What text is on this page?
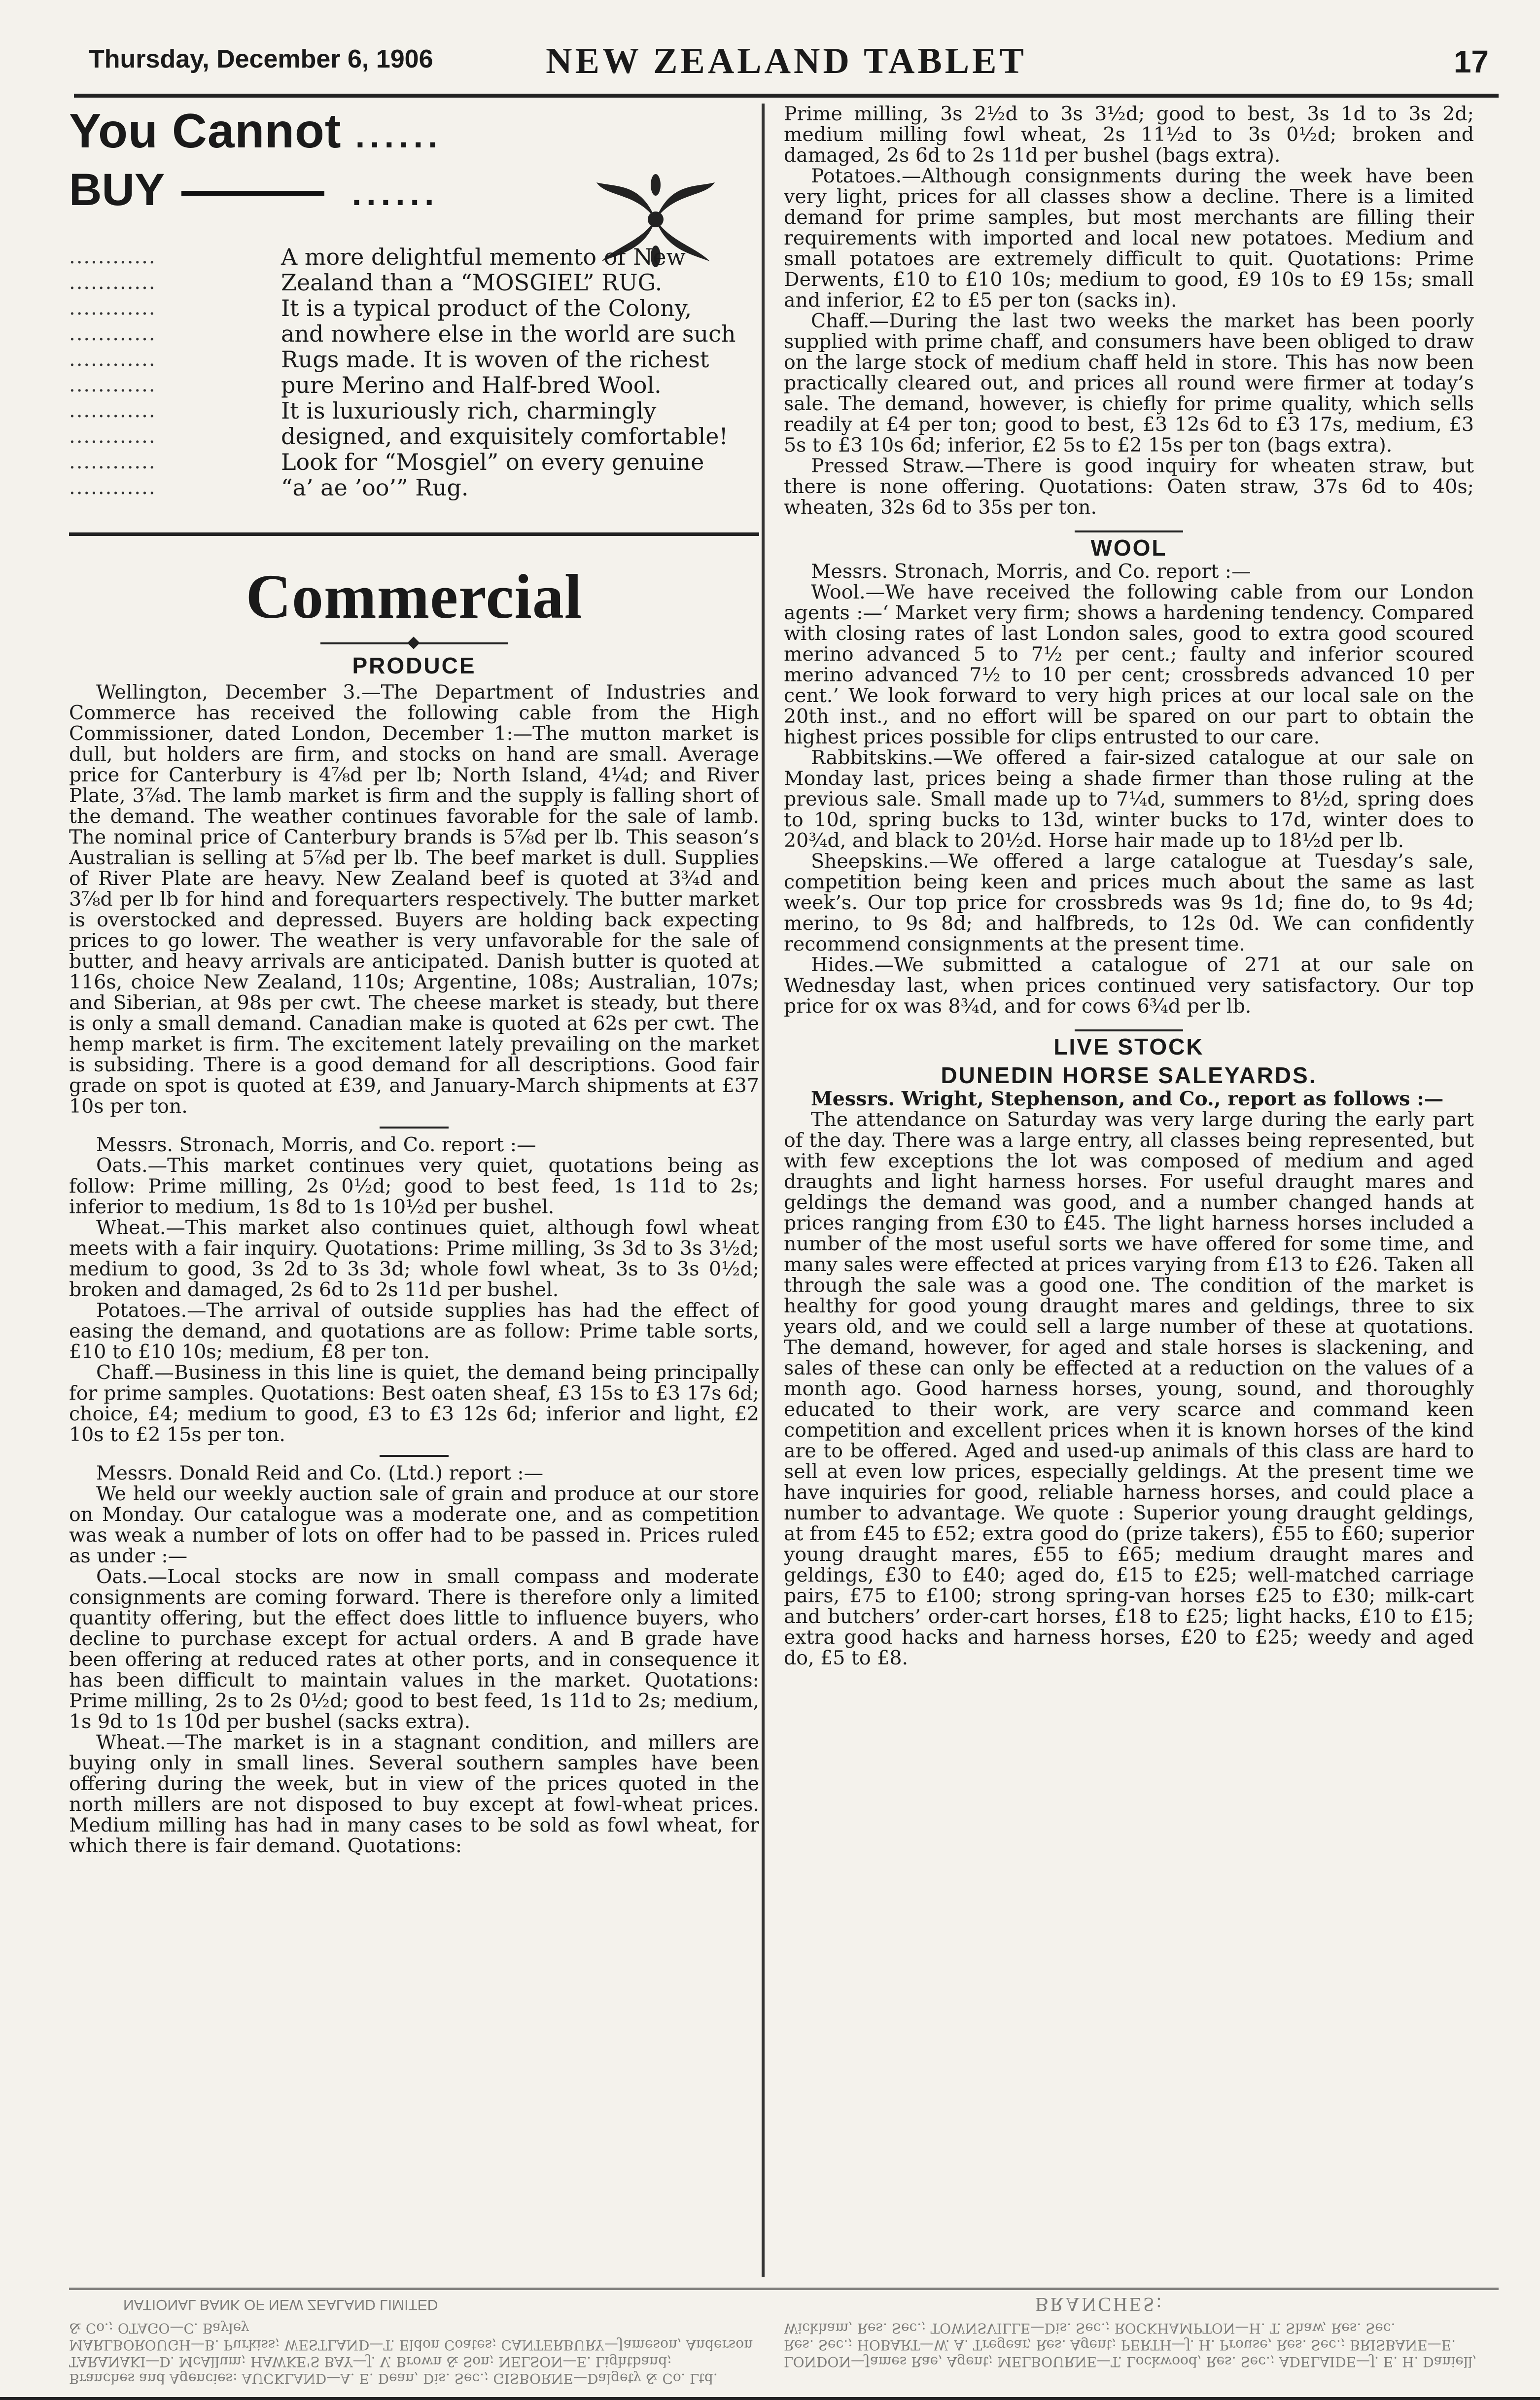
Thursday, December 6, 1906	NEW ZEALAND TABLET	17
You Cannot ......
BUY	......
............	A more delightful memento of New
............	Zealand than a “MOSGIEL” RUG.
............	It is a typical product of the Colony,
............	and nowhere else in the world are such
............	Rugs made. It is woven of the richest
............	pure Merino and Half-bred Wool.
............	It is luxuriously rich, charmingly
............	designed, and exquisitely comfortable!
............	Look for “Mosgiel” on every genuine
............	“a’ ae ’oo’” Rug.
Commercial
PRODUCE

Wellington, December 3.—The Department of Industries and Commerce has received the following cable from the High Commissioner, dated London, December 1:—The mutton market is dull, but holders are firm, and stocks on hand are small. Average price for Canterbury is 4⅞d per lb; North Island, 4¼d; and River Plate, 3⅞d. The lamb market is firm and the supply is falling short of the demand. The weather continues favorable for the sale of lamb. The nominal price of Canterbury brands is 5⅞d per lb. This season’s Australian is selling at 5⅞d per lb. The beef market is dull. Supplies of River Plate are heavy. New Zealand beef is quoted at 3¾d and 3⅞d per lb for hind and forequarters respectively. The butter market is overstocked and depressed. Buyers are holding back expecting prices to go lower. The weather is very unfavorable for the sale of butter, and heavy arrivals are anticipated. Danish butter is quoted at 116s, choice New Zealand, 110s; Argentine, 108s; Australian, 107s; and Siberian, at 98s per cwt. The cheese market is steady, but there is only a small demand. Canadian make is quoted at 62s per cwt. The hemp market is firm. The excitement lately prevailing on the market is subsiding. There is a good demand for all descriptions. Good fair grade on spot is quoted at £39, and January-March shipments at £37 10s per ton.

Messrs. Stronach, Morris, and Co. report :—

Oats.—This market continues very quiet, quotations being as follow: Prime milling, 2s 0½d; good to best feed, 1s 11d to 2s; inferior to medium, 1s 8d to 1s 10½d per bushel.

Wheat.—This market also continues quiet, although fowl wheat meets with a fair inquiry. Quotations: Prime milling, 3s 3d to 3s 3½d; medium to good, 3s 2d to 3s 3d; whole fowl wheat, 3s to 3s 0½d; broken and damaged, 2s 6d to 2s 11d per bushel.

Potatoes.—The arrival of outside supplies has had the effect of easing the demand, and quotations are as follow: Prime table sorts, £10 to £10 10s; medium, £8 per ton.

Chaff.—Business in this line is quiet, the demand being principally for prime samples. Quotations: Best oaten sheaf, £3 15s to £3 17s 6d; choice, £4; medium to good, £3 to £3 12s 6d; inferior and light, £2 10s to £2 15s per ton.

Messrs. Donald Reid and Co. (Ltd.) report :—

We held our weekly auction sale of grain and produce at our store on Monday. Our catalogue was a moderate one, and as competition was weak a number of lots on offer had to be passed in. Prices ruled as under :—

Oats.—Local stocks are now in small compass and moderate consignments are coming forward. There is therefore only a limited quantity offering, but the effect does little to influence buyers, who decline to purchase except for actual orders. A and B grade have been offering at reduced rates at other ports, and in consequence it has been difficult to maintain values in the market. Quotations: Prime milling, 2s to 2s 0½d; good to best feed, 1s 11d to 2s; medium, 1s 9d to 1s 10d per bushel (sacks extra).

Wheat.—The market is in a stagnant condition, and millers are buying only in small lines. Several southern samples have been offering during the week, but in view of the prices quoted in the north millers are not disposed to buy except at fowl-wheat prices. Medium milling has had in many cases to be sold as fowl wheat, for which there is fair demand. Quotations:

Prime milling, 3s 2½d to 3s 3½d; good to best, 3s 1d to 3s 2d; medium milling fowl wheat, 2s 11½d to 3s 0½d; broken and damaged, 2s 6d to 2s 11d per bushel (bags extra).

Potatoes.—Although consignments during the week have been very light, prices for all classes show a decline. There is a limited demand for prime samples, but most merchants are filling their requirements with imported and local new potatoes. Medium and small potatoes are extremely difficult to quit. Quotations: Prime Derwents, £10 to £10 10s; medium to good, £9 10s to £9 15s; small and inferior, £2 to £5 per ton (sacks in).

Chaff.—During the last two weeks the market has been poorly supplied with prime chaff, and consumers have been obliged to draw on the large stock of medium chaff held in store. This has now been practically cleared out, and prices all round were firmer at today’s sale. The demand, however, is chiefly for prime quality, which sells readily at £4 per ton; good to best, £3 12s 6d to £3 17s, medium, £3 5s to £3 10s 6d; inferior, £2 5s to £2 15s per ton (bags extra).

Pressed Straw.—There is good inquiry for wheaten straw, but there is none offering. Quotations: Oaten straw, 37s 6d to 40s; wheaten, 32s 6d to 35s per ton.

WOOL

Messrs. Stronach, Morris, and Co. report :—

Wool.—We have received the following cable from our London agents :—‘ Market very firm; shows a hardening tendency. Compared with closing rates of last London sales, good to extra good scoured merino advanced 5 to 7½ per cent.; faulty and inferior scoured merino advanced 7½ to 10 per cent; crossbreds advanced 10 per cent.’ We look forward to very high prices at our local sale on the 20th inst., and no effort will be spared on our part to obtain the highest prices possible for clips entrusted to our care.

Rabbitskins.—We offered a fair-sized catalogue at our sale on Monday last, prices being a shade firmer than those ruling at the previous sale. Small made up to 7¼d, summers to 8½d, spring does to 10d, spring bucks to 13d, winter bucks to 17d, winter does to 20¾d, and black to 20½d. Horse hair made up to 18½d per lb.

Sheepskins.—We offered a large catalogue at Tuesday’s sale, competition being keen and prices much about the same as last week’s. Our top price for crossbreds was 9s 1d; fine do, to 9s 4d; merino, to 9s 8d; and halfbreds, to 12s 0d. We can confidently recommend consignments at the present time.

Hides.—We submitted a catalogue of 271 at our sale on Wednesday last, when prices continued very satisfactory. Our top price for ox was 8¾d, and for cows 6¾d per lb.

LIVE STOCK
DUNEDIN HORSE SALEYARDS.

Messrs. Wright, Stephenson, and Co., report as follows :—

The attendance on Saturday was very large during the early part of the day. There was a large entry, all classes being represented, but with few exceptions the lot was composed of medium and aged draughts and light harness horses. For useful draught mares and geldings the demand was good, and a number changed hands at prices ranging from £30 to £45. The light harness horses included a number of the most useful sorts we have offered for some time, and many sales were effected at prices varying from £13 to £26. Taken all through the sale was a good one. The condition of the market is healthy for good young draught mares and geldings, three to six years old, and we could sell a large number of these at quotations. The demand, however, for aged and stale horses is slackening, and sales of these can only be effected at a reduction on the values of a month ago. Good harness horses, young, sound, and thoroughly educated to their work, are very scarce and command keen competition and excellent prices when it is known horses of the kind are to be offered. Aged and used-up animals of this class are hard to sell at even low prices, especially geldings. At the present time we have inquiries for good, reliable harness horses, and could place a number to advantage. We quote : Superior young draught geldings, at from £45 to £52; extra good do (prize takers), £55 to £60; superior young draught mares, £55 to £65; medium draught mares and geldings, £30 to £40; aged do, £15 to £25; well-matched carriage pairs, £75 to £100; strong spring-van horses £25 to £30; milk-cart and butchers’ order-cart horses, £18 to £25; light hacks, £10 to £15; extra good hacks and harness horses, £20 to £25; weedy and aged do, £5 to £8.

NATIONAL BANK OF NEW ZEALAND LIMITED	BRANCHES:
Branches and Agencies: AUCKLAND—A. E. Dean, Dis. Sec.; GISBORNE—Dalgety & Co. Ltd. TARANAKI—D. McAllum; HAWKE'S BAY—J. V. Brown & Son; NELSON—E. Lightband; MARLBOROUGH—B. Purkiss; WESTLAND—T. Eldon Coates; CANTERBURY—Jameson, Anderson & Co.; OTAGO—C. Bayley
LONDON—James Rae, Agent; MELBOURNE—T. Lockwood, Res. Sec.; ADELAIDE—J. E. H. Daniell, Res. Sec.; HOBART—W. A. Tregear, Res. Agent; PERTH—J. H. Prouse, Res. Sec.; BRISBANE—E. Wickham, Res. Sec.; TOWNSVILLE—Dis. Sec.; ROCKHAMPTON—H. T. Shaw, Res. Sec.
